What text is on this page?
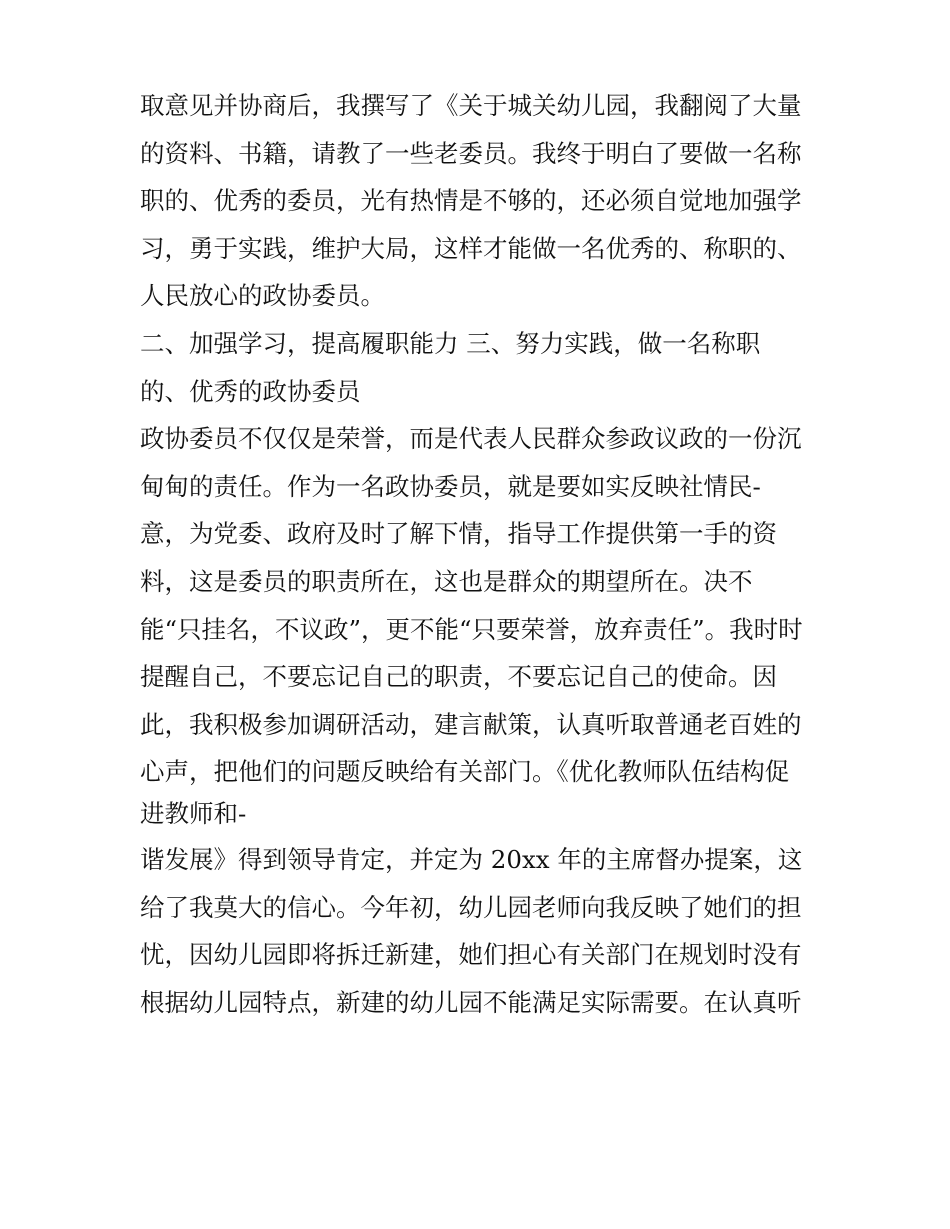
取意见并协商后，我撰写了《关于城关幼儿园，我翻阅了大量

的资料、书籍，请教了一些老委员。我终于明白了要做一名称

职的、优秀的委员，光有热情是不够的，还必须自觉地加强学

习，勇于实践，维护大局，这样才能做一名优秀的、称职的、

人民放心的政协委员。

二、加强学习，提高履职能力 三、努力实践，做一名称职

的、优秀的政协委员

政协委员不仅仅是荣誉，而是代表人民群众参政议政的一份沉

甸甸的责任。作为一名政协委员，就是要如实反映社情民-

意，为党委、政府及时了解下情，指导工作提供第一手的资

料，这是委员的职责所在，这也是群众的期望所在。决不

能“只挂名，不议政”，更不能“只要荣誉，放弃责任”。我时时

提醒自己，不要忘记自己的职责，不要忘记自己的使命。因

此，我积极参加调研活动，建言献策，认真听取普通老百姓的

心声，把他们的问题反映给有关部门。《优化教师队伍结构促

进教师和-

谐发展》得到领导肯定，并定为 20xx 年的主席督办提案，这

给了我莫大的信心。今年初，幼儿园老师向我反映了她们的担

忧，因幼儿园即将拆迁新建，她们担心有关部门在规划时没有

根据幼儿园特点，新建的幼儿园不能满足实际需要。在认真听
